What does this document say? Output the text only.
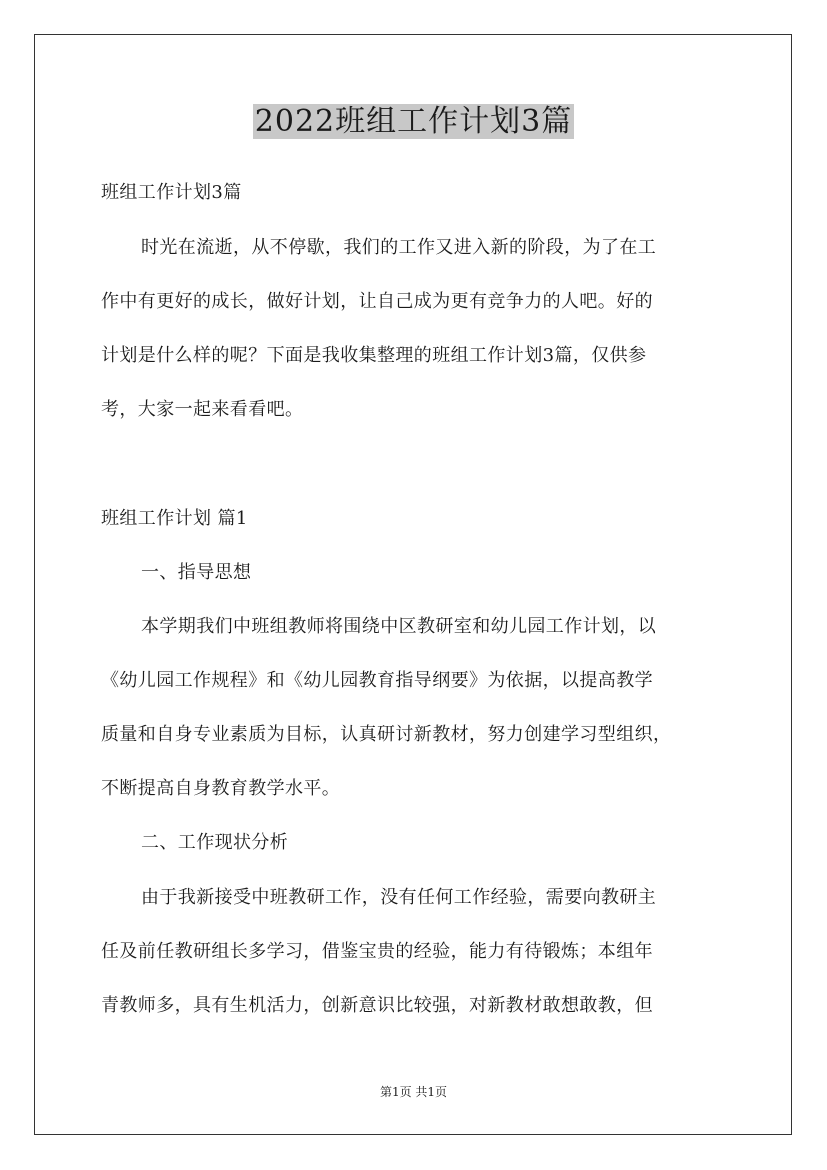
2022班组工作计划3篇
班组工作计划3篇
时光在流逝，从不停歇，我们的工作又进入新的阶段，为了在工
作中有更好的成长，做好计划，让自己成为更有竞争力的人吧。好的
计划是什么样的呢？下面是我收集整理的班组工作计划3篇，仅供参
考，大家一起来看看吧。
班组工作计划 篇1
一、指导思想
本学期我们中班组教师将围绕中区教研室和幼儿园工作计划，以
《幼儿园工作规程》和《幼儿园教育指导纲要》为依据，以提高教学
质量和自身专业素质为目标，认真研讨新教材，努力创建学习型组织，
不断提高自身教育教学水平。
二、工作现状分析
由于我新接受中班教研工作，没有任何工作经验，需要向教研主
任及前任教研组长多学习，借鉴宝贵的经验，能力有待锻炼；本组年
青教师多，具有生机活力，创新意识比较强，对新教材敢想敢教，但
第1页 共1页
